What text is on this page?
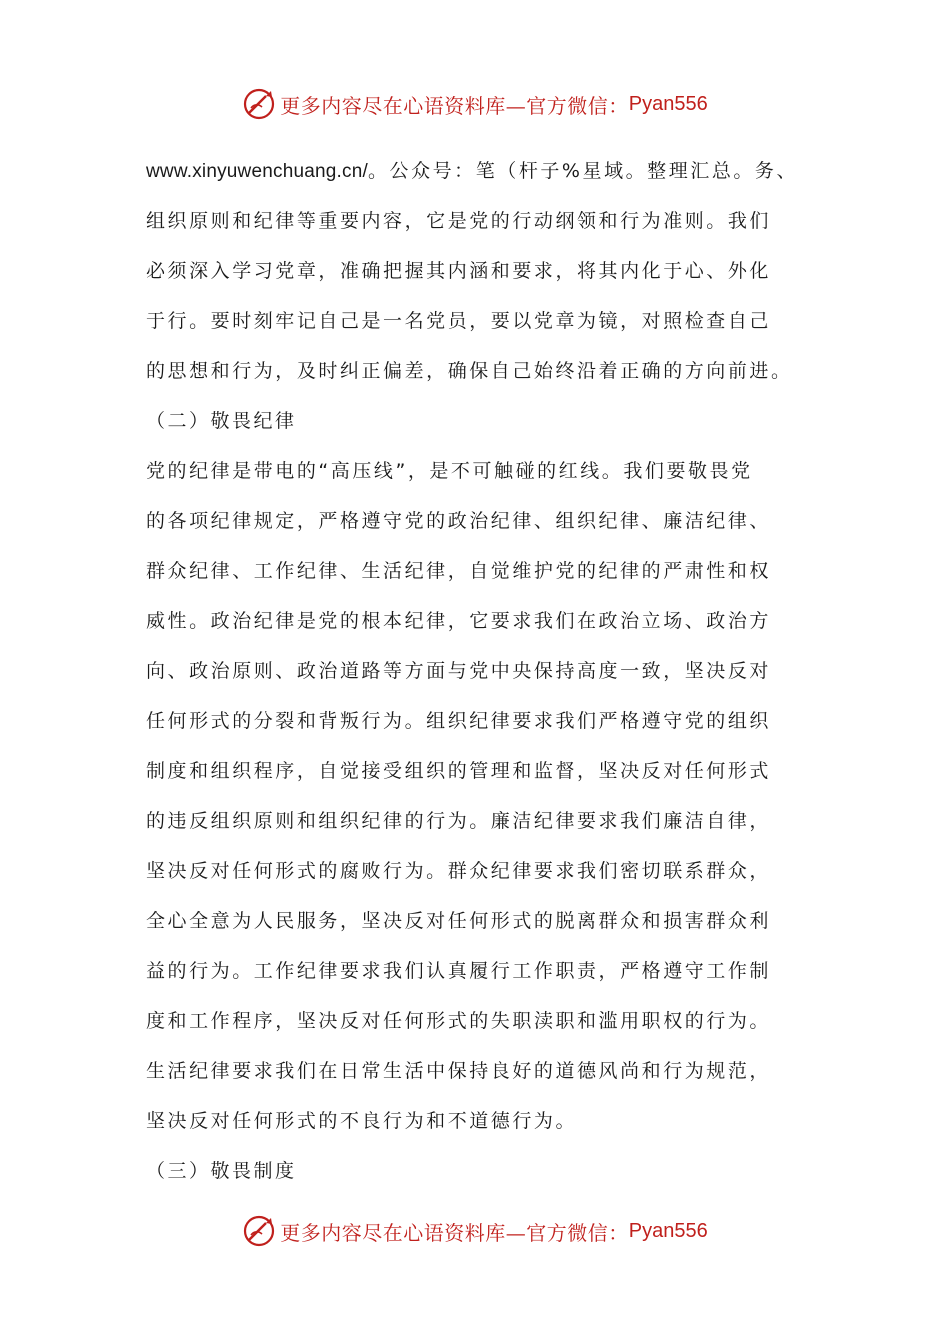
更多内容尽在心语资料库—官方微信： Pyan556
www.xinyuwenchuang.cn/。公众号：笔（杆子%星域。整理汇总。务、
组织原则和纪律等重要内容，它是党的行动纲领和行为准则。我们
必须深入学习党章，准确把握其内涵和要求，将其内化于心、外化
于行。要时刻牢记自己是一名党员，要以党章为镜，对照检查自己
的思想和行为，及时纠正偏差，确保自己始终沿着正确的方向前进。
（二）敬畏纪律
党的纪律是带电的“高压线”，是不可触碰的红线。我们要敬畏党
的各项纪律规定，严格遵守党的政治纪律、组织纪律、廉洁纪律、
群众纪律、工作纪律、生活纪律，自觉维护党的纪律的严肃性和权
威性。政治纪律是党的根本纪律，它要求我们在政治立场、政治方
向、政治原则、政治道路等方面与党中央保持高度一致，坚决反对
任何形式的分裂和背叛行为。组织纪律要求我们严格遵守党的组织
制度和组织程序，自觉接受组织的管理和监督，坚决反对任何形式
的违反组织原则和组织纪律的行为。廉洁纪律要求我们廉洁自律，
坚决反对任何形式的腐败行为。群众纪律要求我们密切联系群众，
全心全意为人民服务，坚决反对任何形式的脱离群众和损害群众利
益的行为。工作纪律要求我们认真履行工作职责，严格遵守工作制
度和工作程序，坚决反对任何形式的失职渎职和滥用职权的行为。
生活纪律要求我们在日常生活中保持良好的道德风尚和行为规范，
坚决反对任何形式的不良行为和不道德行为。
（三）敬畏制度
更多内容尽在心语资料库—官方微信： Pyan556
